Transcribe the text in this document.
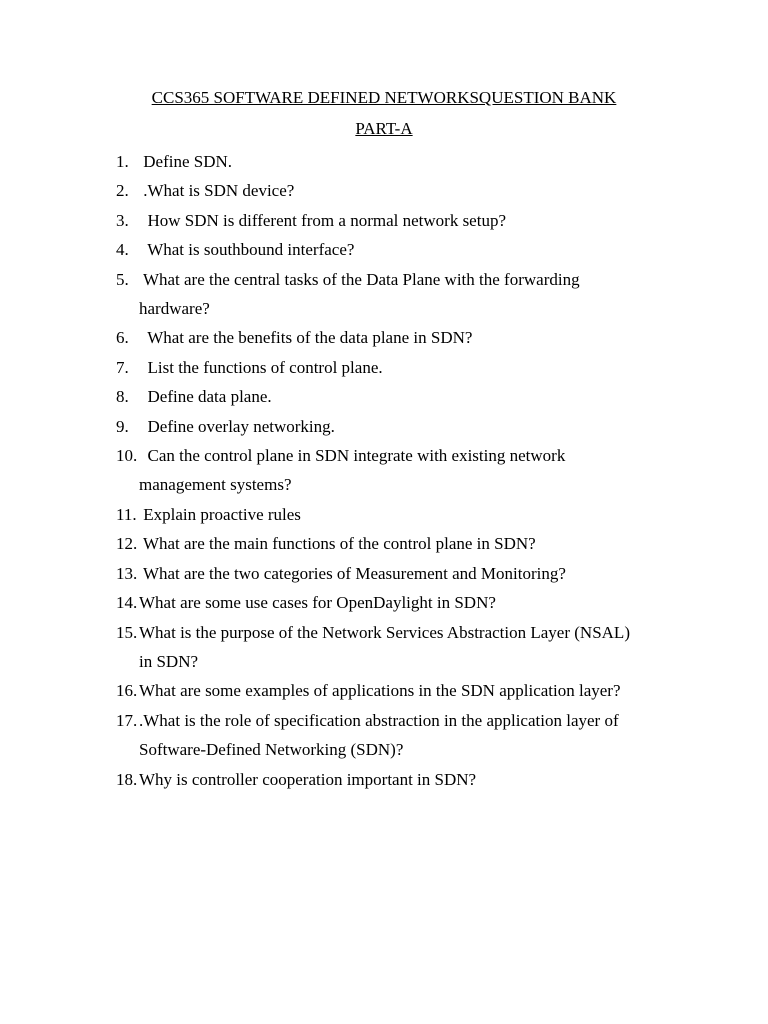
CCS365 SOFTWARE DEFINED NETWORKSQUESTION BANK
PART-A
1. Define SDN.
2. .What is SDN device?
3.  How SDN is different from a normal network setup?
4.  What is southbound interface?
5. What are the central tasks of the Data Plane with the forwarding
hardware?
6.  What are the benefits of the data plane in SDN?
7.  List the functions of control plane.
8.  Define data plane.
9.  Define overlay networking.
10.  Can the control plane in SDN integrate with existing network
management systems?
11. Explain proactive rules
12. What are the main functions of the control plane in SDN?
13. What are the two categories of Measurement and Monitoring?
14. What are some use cases for OpenDaylight in SDN?
15. What is the purpose of the Network Services Abstraction Layer (NSAL)
in SDN?
16. What are some examples of applications in the SDN application layer?
17. .What is the role of specification abstraction in the application layer of
Software-Defined Networking (SDN)?
18. Why is controller cooperation important in SDN?
